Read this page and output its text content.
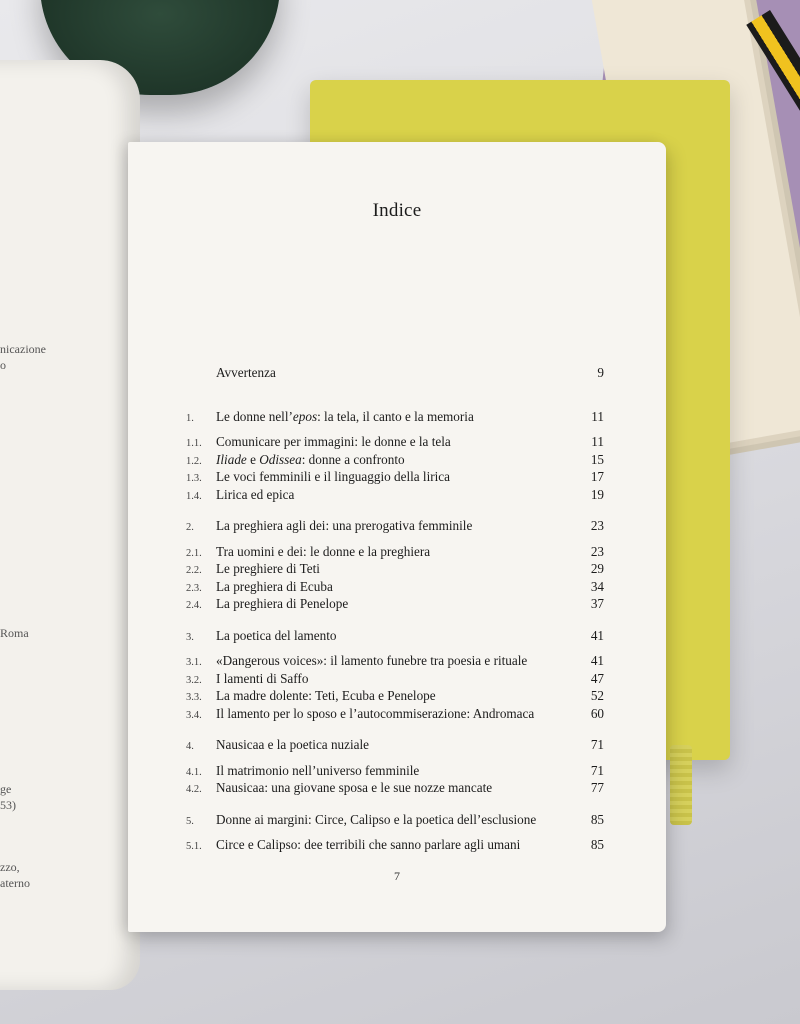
nicazione
o
Roma
ge
53)
zzo,
aterno
Indice
Avvertenza	9
1.	Le donne nell’epos: la tela, il canto e la memoria	11
1.1.	Comunicare per immagini: le donne e la tela	11
1.2.	Iliade e Odissea: donne a confronto	15
1.3.	Le voci femminili e il linguaggio della lirica	17
1.4.	Lirica ed epica	19
2.	La preghiera agli dei: una prerogativa femminile	23
2.1.	Tra uomini e dei: le donne e la preghiera	23
2.2.	Le preghiere di Teti	29
2.3.	La preghiera di Ecuba	34
2.4.	La preghiera di Penelope	37
3.	La poetica del lamento	41
3.1.	«Dangerous voices»: il lamento funebre tra poesia e rituale	41
3.2.	I lamenti di Saffo	47
3.3.	La madre dolente: Teti, Ecuba e Penelope	52
3.4.	Il lamento per lo sposo e l’autocommiserazione: Andromaca	60
4.	Nausicaa e la poetica nuziale	71
4.1.	Il matrimonio nell’universo femminile	71
4.2.	Nausicaa: una giovane sposa e le sue nozze mancate	77
5.	Donne ai margini: Circe, Calipso e la poetica dell’esclusione	85
5.1.	Circe e Calipso: dee terribili che sanno parlare agli umani	85
7
